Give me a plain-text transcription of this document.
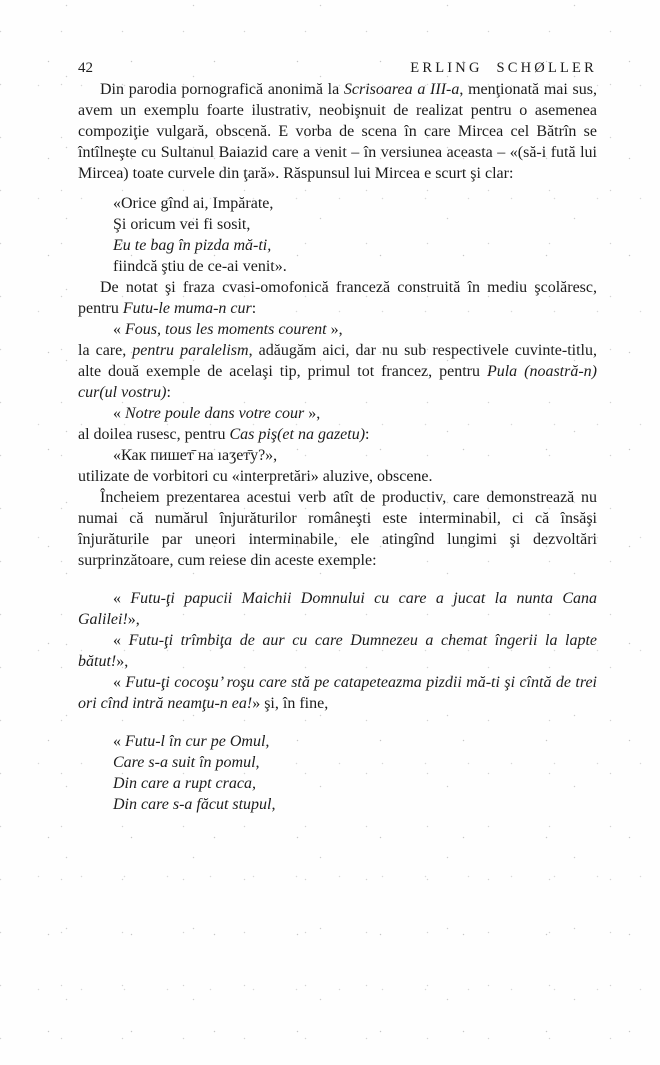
42	ERLING SCHØLLER

Din parodia pornografică anonimă la Scrisoarea a III-a, menţionată mai sus, avem un exemplu foarte ilustrativ, neobişnuit de realizat pentru o asemenea compoziţie vulgară, obscenă. E vorba de scena în care Mircea cel Bătrîn se întîlneşte cu Sultanul Baiazid care a venit – în versiunea aceasta – «(să-i fută lui Mircea) toate curvele din ţară». Răspunsul lui Mircea e scurt şi clar:

«Orice gînd ai, Impărate,
Şi oricum vei fi sosit,
Eu te bag în pizda mă-ti,
fiindcă ştiu de ce-ai venit».

De notat şi fraza cvasi-omofonică franceză construită în mediu şcolăresc, pentru Futu-le muma-n cur:

« Fous, tous les moments courent »,

la care, pentru paralelism, adăugăm aici, dar nu sub respectivele cuvinte-titlu, alte două exemple de acelaşi tip, primul tot francez, pentru Pula (noastră-n) cur(ul vostru):

« Notre poule dans votre cour »,

al doilea rusesc, pentru Cas piş(et na gazetu):

«Как пишет̄ на ıаӡет̄у?»,

utilizate de vorbitori cu «interpretări» aluzive, obscene.

Încheiem prezentarea acestui verb atît de productiv, care demonstrează nu numai că numărul înjurăturilor româneşti este interminabil, ci că însăşi înjurăturile par uneori interminabile, ele atingînd lungimi şi dezvoltări surprinzătoare, cum reiese din aceste exemple:

« Futu-ţi papucii Maichii Domnului cu care a jucat la nunta Cana Galilei!»,

« Futu-ţi trîmbiţa de aur cu care Dumnezeu a chemat îngerii la lapte bătut!»,

« Futu-ţi cocoşu’ roşu care stă pe catapeteazma pizdii mă-ti şi cîntă de trei ori cînd intră neamţu-n ea!» şi, în fine,

« Futu-l în cur pe Omul,
Care s-a suit în pomul,
Din care a rupt craca,
Din care s-a făcut stupul,
